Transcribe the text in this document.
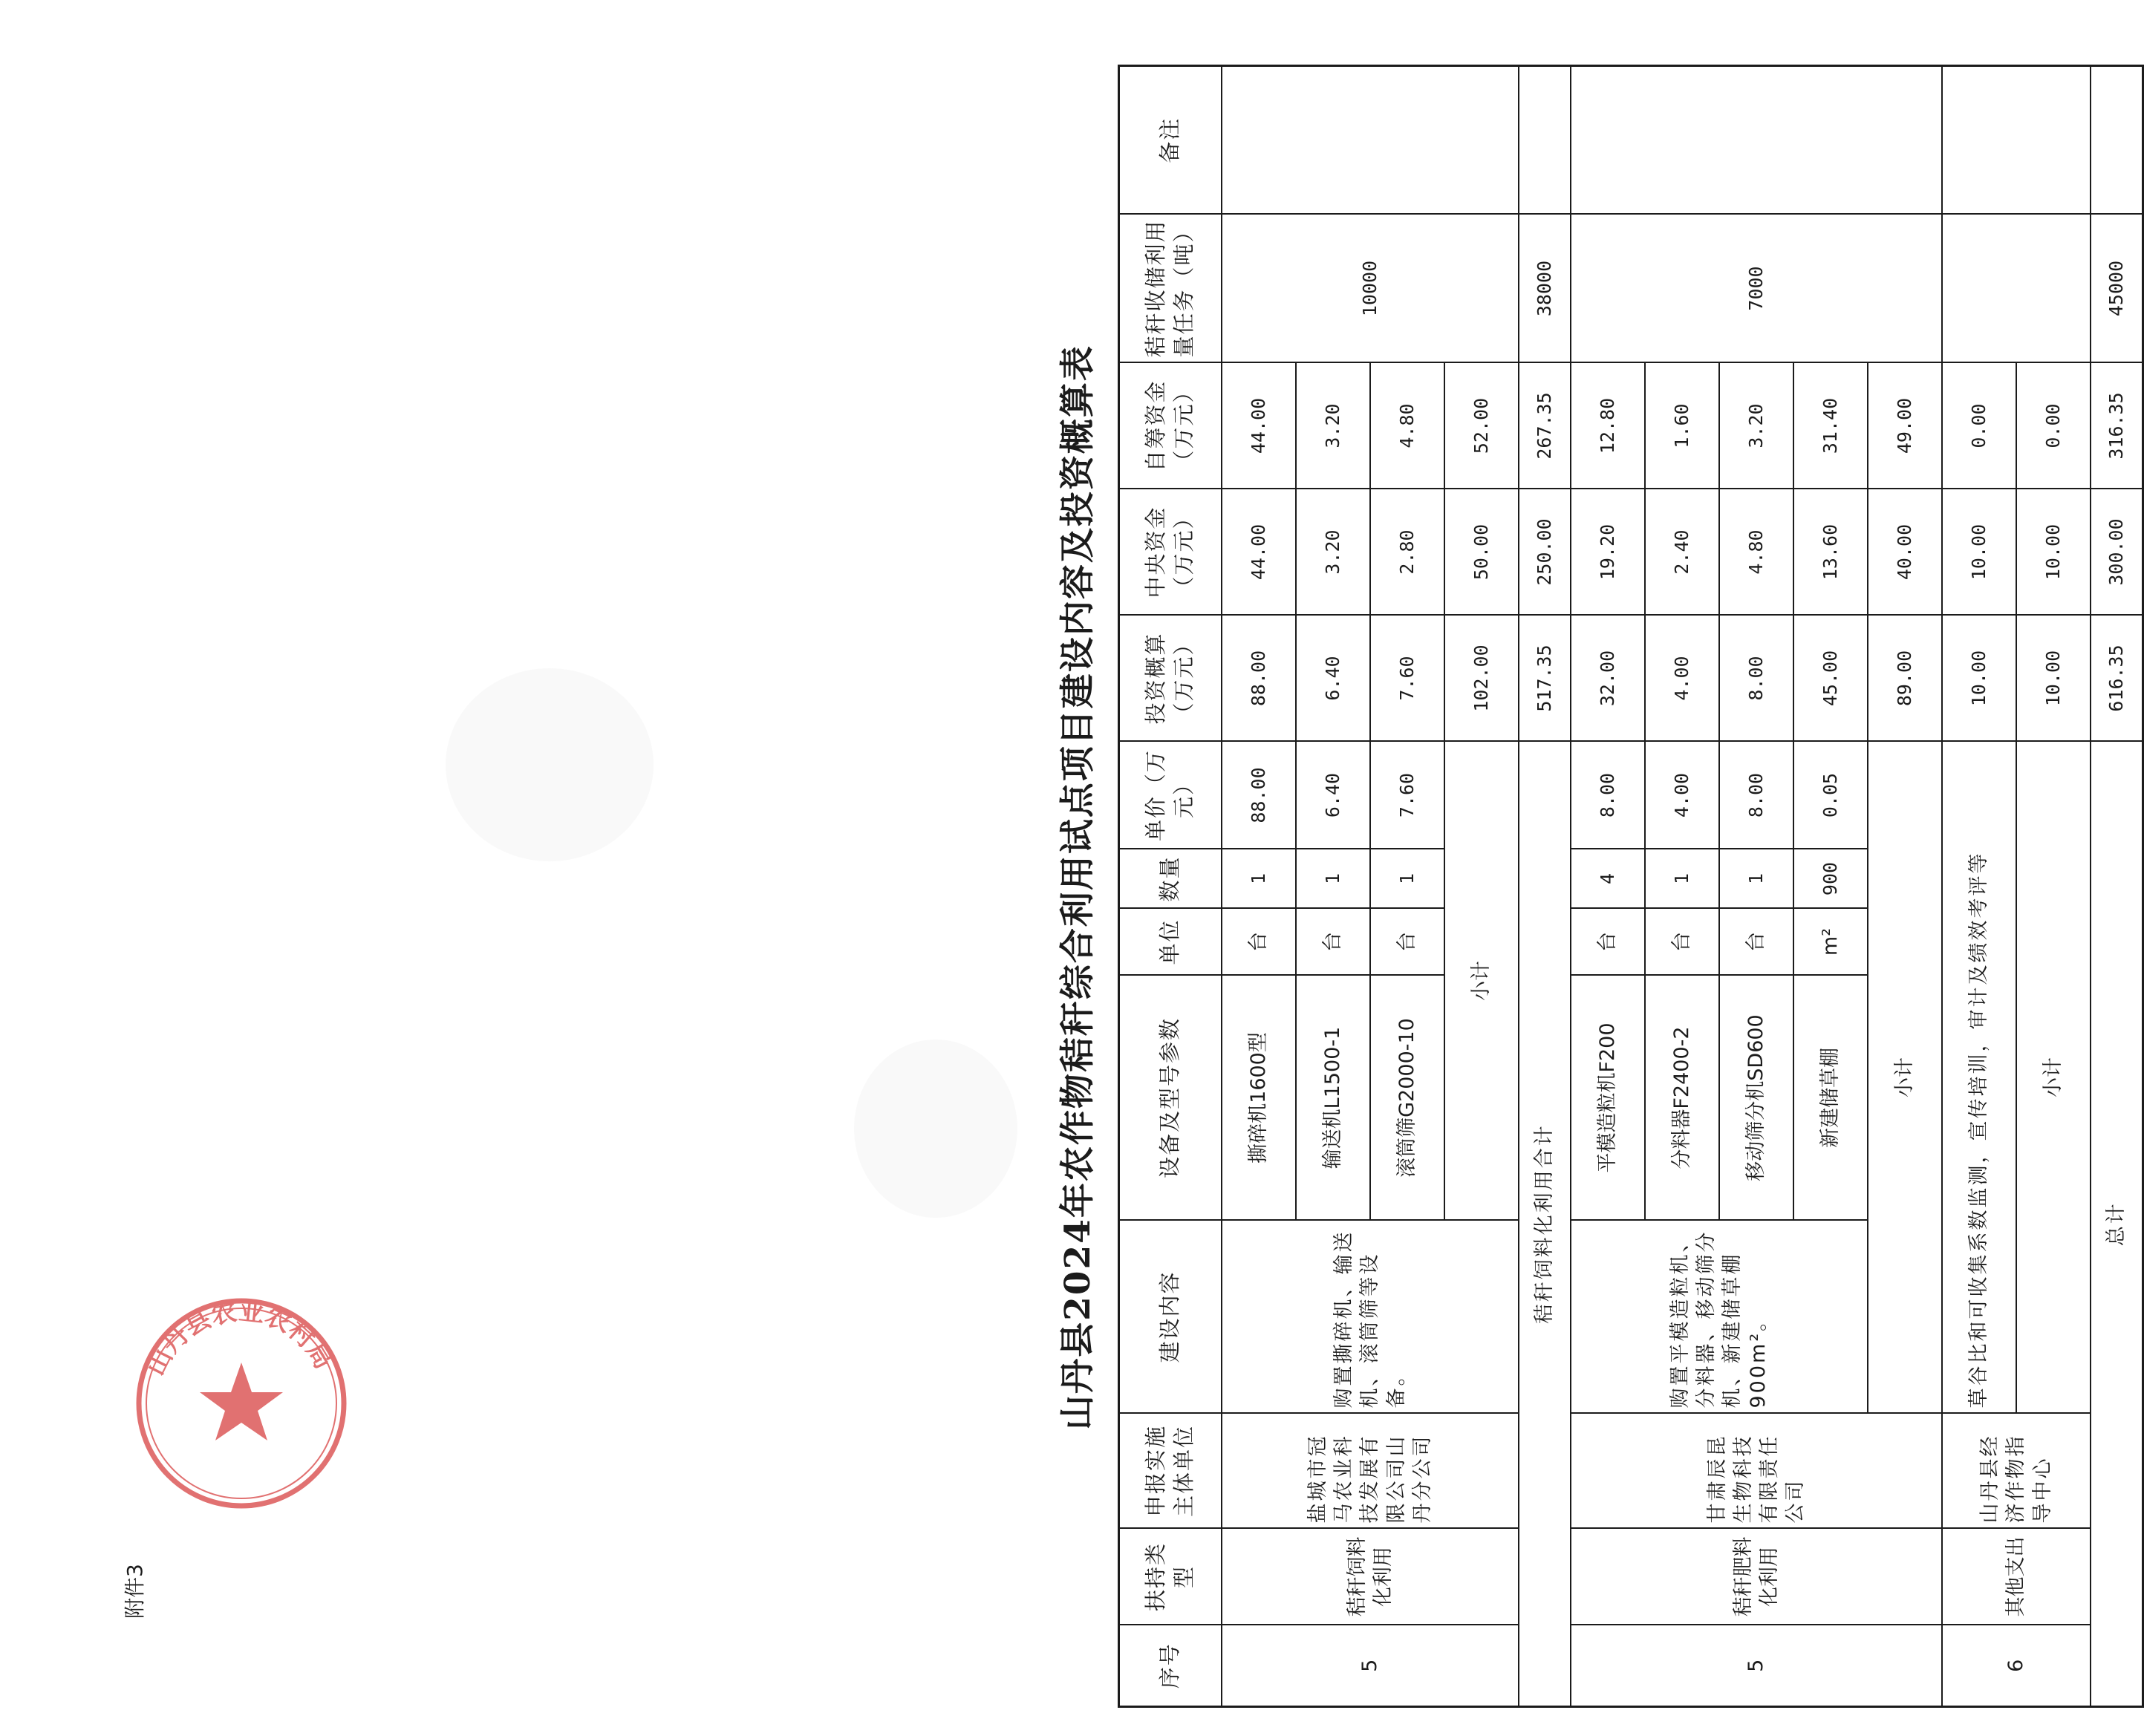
附件3
山丹县2024年农作物秸秆综合利用试点项目建设内容及投资概算表
序号	扶持类型	申报实施主体单位	建设内容	设备及型号参数	单位	数量	单价（万元）	投资概算（万元）	中央资金（万元）	自筹资金（万元）	秸秆收储利用量任务（吨）	备注
5	秸秆饲料化利用	盐城市冠马农业科技发展有限公司山丹分公司	购置撕碎机、输送机、滚筒筛等设备。	撕碎机1600型	台	1	88.00	88.00	44.00	44.00	10000	
				输送机L1500-1	台	1	6.40	6.40	3.20	3.20		
				滚筒筛G2000-10	台	1	7.60	7.60	2.80	4.80		
				小计				102.00	50.00	52.00		
秸秆饲料化利用合计								517.35	250.00	267.35	38000	
5	秸秆肥料化利用	甘肃辰昆生物科技有限责任公司	购置平模造粒机、分料器、移动筛分机、新建储草棚900m²。	平模造粒机F200	台	4	8.00	32.00	19.20	12.80	7000	
				分料器F2400-2	台	1	4.00	4.00	2.40	1.60		
				移动筛分机SD600	台	1	8.00	8.00	4.80	3.20		
				新建储草棚	m²	900	0.05	45.00	13.60	31.40		
			小计					89.00	40.00	49.00		
6	其他支出	山丹县经济作物指导中心	草谷比和可收集系数监测，宣传培训，审计及绩效考评等					10.00	10.00	0.00		
			小计					10.00	10.00	0.00		
总计								616.35	300.00	316.35	45000	
山丹县农业农村局
